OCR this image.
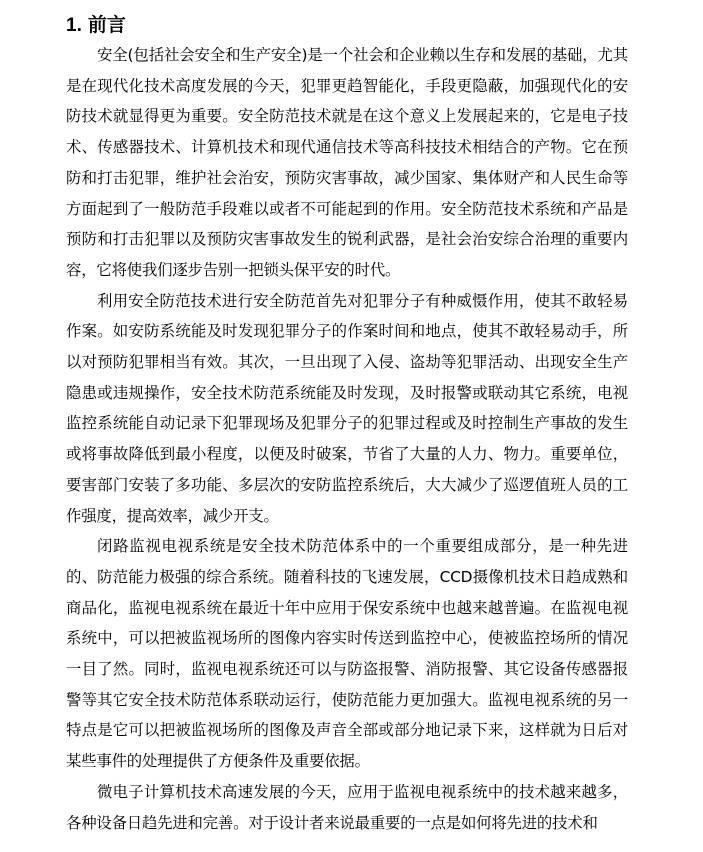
1. 前言

安全(包括社会安全和生产安全)是一个社会和企业赖以生存和发展的基础，尤其是在现代化技术高度发展的今天，犯罪更趋智能化，手段更隐蔽，加强现代化的安防技术就显得更为重要。安全防范技术就是在这个意义上发展起来的，它是电子技术、传感器技术、计算机技术和现代通信技术等高科技技术相结合的产物。它在预防和打击犯罪，维护社会治安，预防灾害事故，减少国家、集体财产和人民生命等方面起到了一般防范手段难以或者不可能起到的作用。安全防范技术系统和产品是预防和打击犯罪以及预防灾害事故发生的锐利武器，是社会治安综合治理的重要内容，它将使我们逐步告别一把锁头保平安的时代。

利用安全防范技术进行安全防范首先对犯罪分子有种威慑作用，使其不敢轻易作案。如安防系统能及时发现犯罪分子的作案时间和地点，使其不敢轻易动手，所以对预防犯罪相当有效。其次，一旦出现了入侵、盗劫等犯罪活动、出现安全生产隐患或违规操作，安全技术防范系统能及时发现，及时报警或联动其它系统，电视监控系统能自动记录下犯罪现场及犯罪分子的犯罪过程或及时控制生产事故的发生或将事故降低到最小程度，以便及时破案，节省了大量的人力、物力。重要单位，要害部门安装了多功能、多层次的安防监控系统后，大大减少了巡逻值班人员的工作强度，提高效率，减少开支。

闭路监视电视系统是安全技术防范体系中的一个重要组成部分，是一种先进的、防范能力极强的综合系统。随着科技的飞速发展，CCD摄像机技术日趋成熟和商品化，监视电视系统在最近十年中应用于保安系统中也越来越普遍。在监视电视系统中，可以把被监视场所的图像内容实时传送到监控中心，使被监控场所的情况一目了然。同时，监视电视系统还可以与防盗报警、消防报警、其它设备传感器报警等其它安全技术防范体系联动运行，使防范能力更加强大。监视电视系统的另一特点是它可以把被监视场所的图像及声音全部或部分地记录下来，这样就为日后对某些事件的处理提供了方便条件及重要依据。

微电子计算机技术高速发展的今天，应用于监视电视系统中的技术越来越多，各种设备日趋先进和完善。对于设计者来说最重要的一点是如何将先进的技术和
